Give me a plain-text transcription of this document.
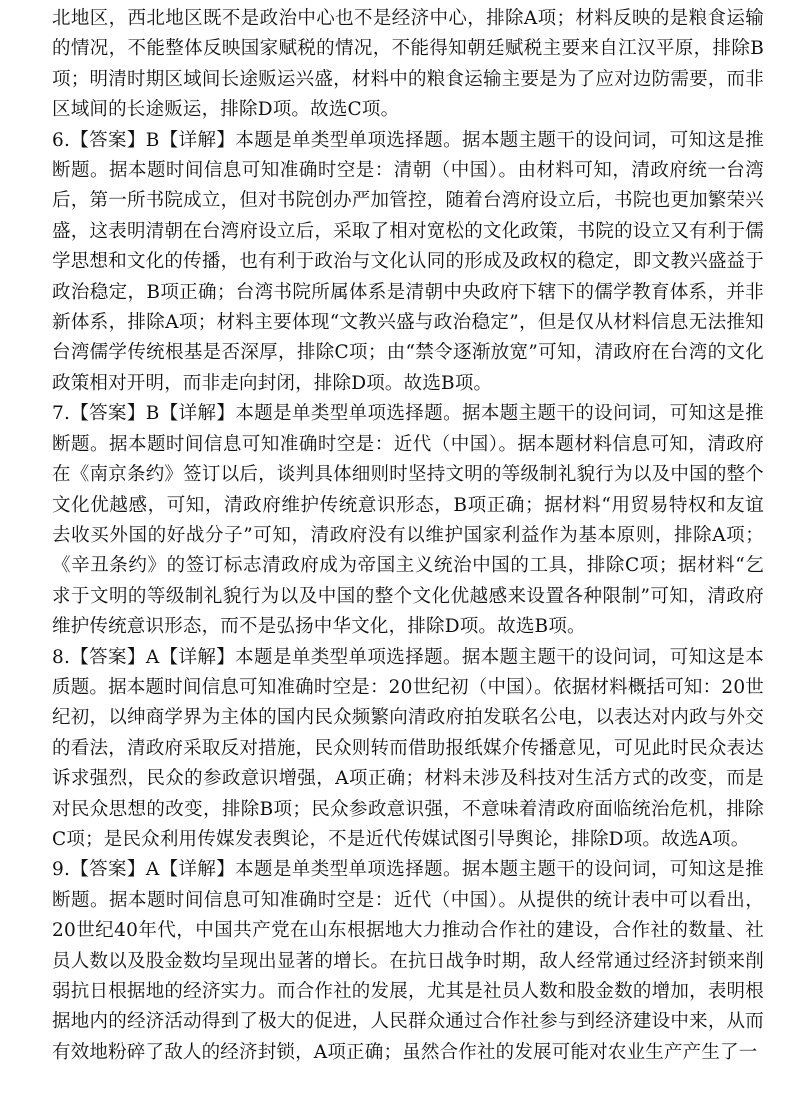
北地区，西北地区既不是政治中心也不是经济中心，排除A项；材料反映的是粮食运输的情况，不能整体反映国家赋税的情况，不能得知朝廷赋税主要来自江汉平原，排除B项；明清时期区域间长途贩运兴盛，材料中的粮食运输主要是为了应对边防需要，而非区域间的长途贩运，排除D项。故选C项。

6.【答案】B【详解】本题是单类型单项选择题。据本题主题干的设问词，可知这是推断题。据本题时间信息可知准确时空是：清朝（中国）。由材料可知，清政府统一台湾后，第一所书院成立，但对书院创办严加管控，随着台湾府设立后，书院也更加繁荣兴盛，这表明清朝在台湾府设立后，采取了相对宽松的文化政策，书院的设立又有利于儒学思想和文化的传播，也有利于政治与文化认同的形成及政权的稳定，即文教兴盛益于政治稳定，B项正确；台湾书院所属体系是清朝中央政府下辖下的儒学教育体系，并非新体系，排除A项；材料主要体现“文教兴盛与政治稳定”，但是仅从材料信息无法推知台湾儒学传统根基是否深厚，排除C项；由“禁令逐渐放宽”可知，清政府在台湾的文化政策相对开明，而非走向封闭，排除D项。故选B项。

7.【答案】B【详解】本题是单类型单项选择题。据本题主题干的设问词，可知这是推断题。据本题时间信息可知准确时空是：近代（中国）。据本题材料信息可知，清政府在《南京条约》签订以后，谈判具体细则时坚持文明的等级制礼貌行为以及中国的整个文化优越感，可知，清政府维护传统意识形态，B项正确；据材料“用贸易特权和友谊去收买外国的好战分子”可知，清政府没有以维护国家利益作为基本原则，排除A项；《辛丑条约》的签订标志清政府成为帝国主义统治中国的工具，排除C项；据材料“乞求于文明的等级制礼貌行为以及中国的整个文化优越感来设置各种限制”可知，清政府维护传统意识形态，而不是弘扬中华文化，排除D项。故选B项。

8.【答案】A【详解】本题是单类型单项选择题。据本题主题干的设问词，可知这是本质题。据本题时间信息可知准确时空是：20世纪初（中国）。依据材料概括可知：20世纪初，以绅商学界为主体的国内民众频繁向清政府拍发联名公电，以表达对内政与外交的看法，清政府采取反对措施，民众则转而借助报纸媒介传播意见，可见此时民众表达诉求强烈，民众的参政意识增强，A项正确；材料未涉及科技对生活方式的改变，而是对民众思想的改变，排除B项；民众参政意识强，不意味着清政府面临统治危机，排除C项；是民众利用传媒发表舆论，不是近代传媒试图引导舆论，排除D项。故选A项。

9.【答案】A【详解】本题是单类型单项选择题。据本题主题干的设问词，可知这是推断题。据本题时间信息可知准确时空是：近代（中国）。从提供的统计表中可以看出，20世纪40年代，中国共产党在山东根据地大力推动合作社的建设，合作社的数量、社员人数以及股金数均呈现出显著的增长。在抗日战争时期，敌人经常通过经济封锁来削弱抗日根据地的经济实力。而合作社的发展，尤其是社员人数和股金数的增加，表明根据地内的经济活动得到了极大的促进，人民群众通过合作社参与到经济建设中来，从而有效地粉碎了敌人的经济封锁，A项正确；虽然合作社的发展可能对农业生产产生了一
